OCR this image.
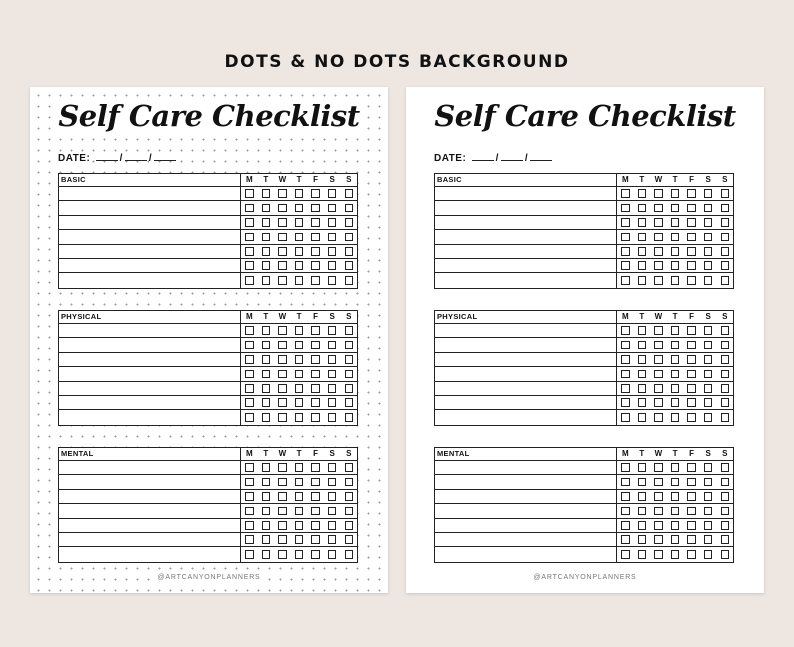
DOTS & NO DOTS BACKGROUND
Self Care Checklist
DATE:	/	/
BASIC	M	T	W	T	F	S	S
PHYSICAL	M	T	W	T	F	S	S
MENTAL	M	T	W	T	F	S	S
@ARTCANYONPLANNERS
Self Care Checklist
DATE:	/	/
BASIC	M	T	W	T	F	S	S
PHYSICAL	M	T	W	T	F	S	S
MENTAL	M	T	W	T	F	S	S
@ARTCANYONPLANNERS
